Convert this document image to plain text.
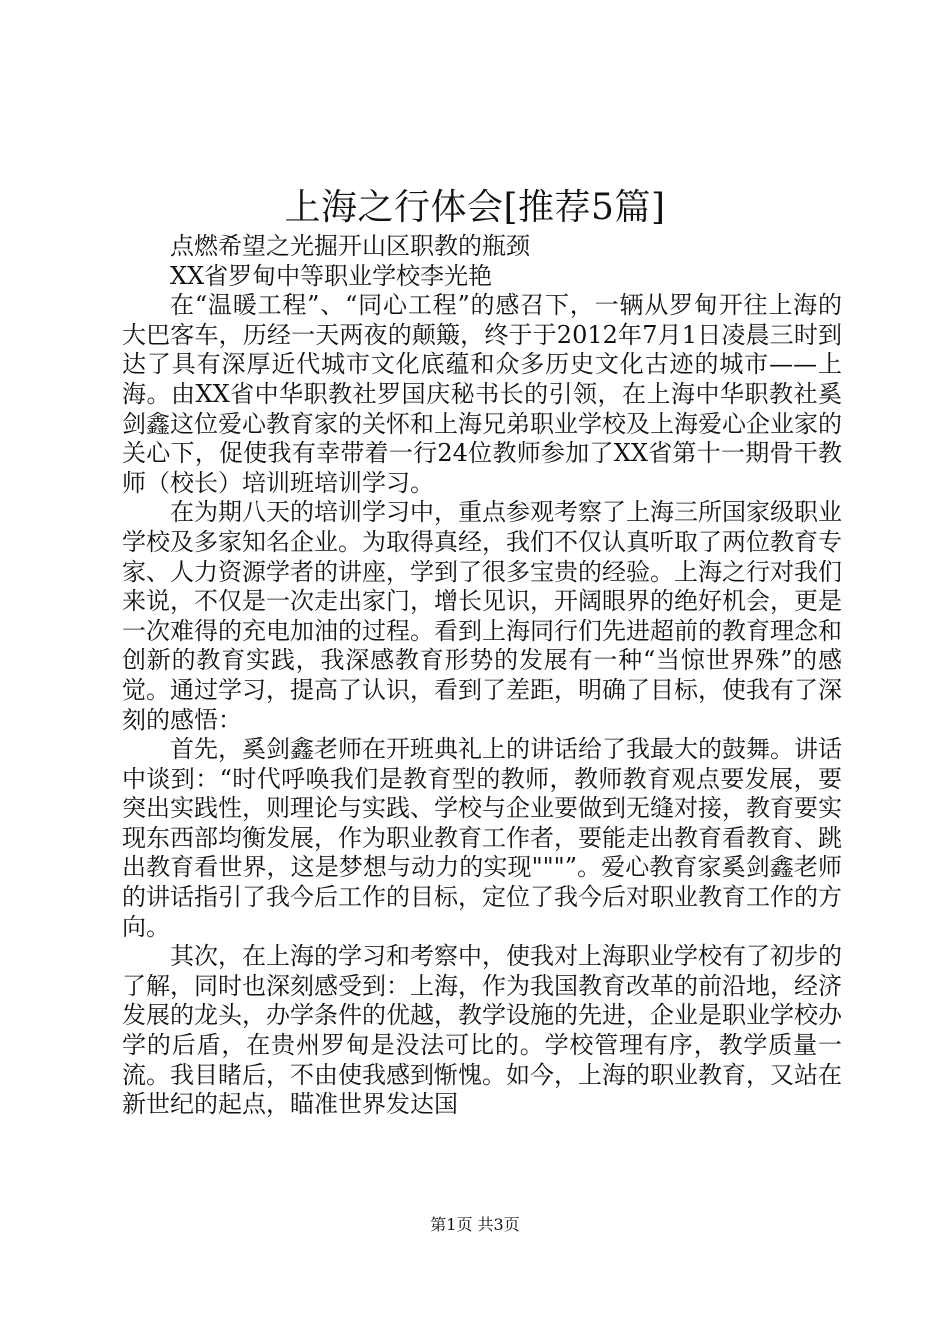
上海之行体会[推荐5篇]

点燃希望之光掘开山区职教的瓶颈

XX省罗甸中等职业学校李光艳

在“温暖工程”、“同心工程”的感召下，一辆从罗甸开往上海的大巴客车，历经一天两夜的颠簸，终于于2012年7月1日凌晨三时到达了具有深厚近代城市文化底蕴和众多历史文化古迹的城市——上海。由XX省中华职教社罗国庆秘书长的引领，在上海中华职教社奚剑鑫这位爱心教育家的关怀和上海兄弟职业学校及上海爱心企业家的关心下，促使我有幸带着一行24位教师参加了XX省第十一期骨干教师（校长）培训班培训学习。

在为期八天的培训学习中，重点参观考察了上海三所国家级职业学校及多家知名企业。为取得真经，我们不仅认真听取了两位教育专家、人力资源学者的讲座，学到了很多宝贵的经验。上海之行对我们来说，不仅是一次走出家门，增长见识，开阔眼界的绝好机会，更是一次难得的充电加油的过程。看到上海同行们先进超前的教育理念和创新的教育实践，我深感教育形势的发展有一种“当惊世界殊”的感觉。通过学习，提高了认识，看到了差距，明确了目标，使我有了深刻的感悟：

首先，奚剑鑫老师在开班典礼上的讲话给了我最大的鼓舞。讲话中谈到：“时代呼唤我们是教育型的教师，教师教育观点要发展，要突出实践性，则理论与实践、学校与企业要做到无缝对接，教育要实现东西部均衡发展，作为职业教育工作者，要能走出教育看教育、跳出教育看世界，这是梦想与动力的实现"""”。爱心教育家奚剑鑫老师的讲话指引了我今后工作的目标，定位了我今后对职业教育工作的方向。

其次，在上海的学习和考察中，使我对上海职业学校有了初步的了解，同时也深刻感受到：上海，作为我国教育改革的前沿地，经济发展的龙头，办学条件的优越，教学设施的先进，企业是职业学校办学的后盾，在贵州罗甸是没法可比的。学校管理有序，教学质量一流。我目睹后，不由使我感到惭愧。如今，上海的职业教育，又站在新世纪的起点，瞄准世界发达国

第1页 共3页
